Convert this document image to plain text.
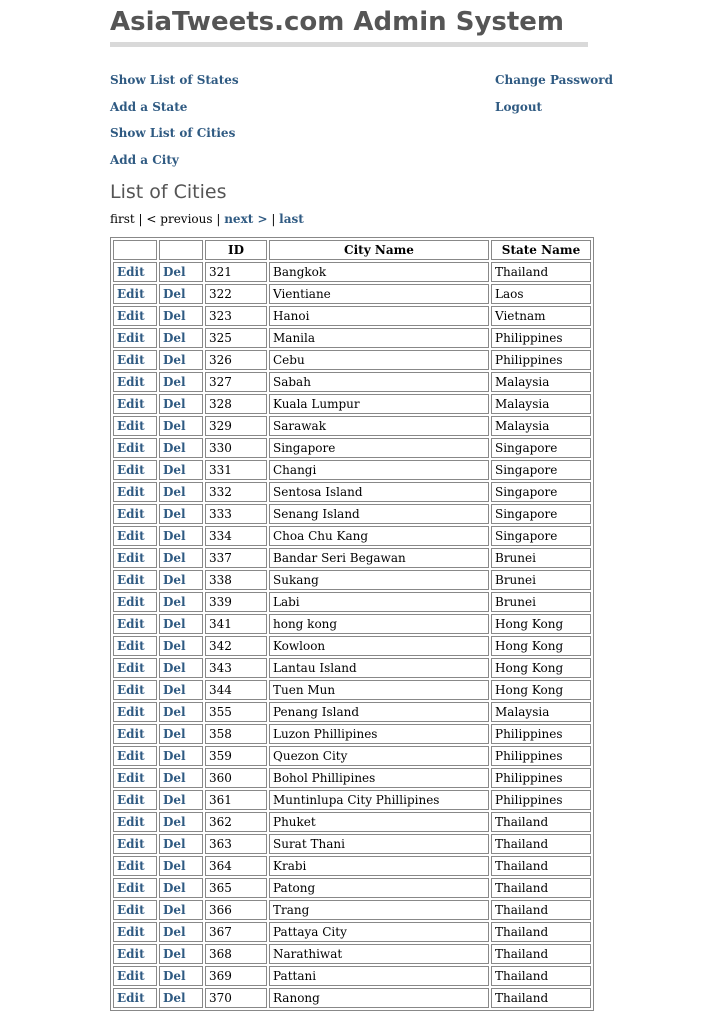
AsiaTweets.com Admin System
Show List of States
Add a State
Show List of Cities
Add a City
Change Password
Logout
List of Cities
first | < previous | next > | last
		ID	City Name	State Name
Edit	Del	321	Bangkok	Thailand
Edit	Del	322	Vientiane	Laos
Edit	Del	323	Hanoi	Vietnam
Edit	Del	325	Manila	Philippines
Edit	Del	326	Cebu	Philippines
Edit	Del	327	Sabah	Malaysia
Edit	Del	328	Kuala Lumpur	Malaysia
Edit	Del	329	Sarawak	Malaysia
Edit	Del	330	Singapore	Singapore
Edit	Del	331	Changi	Singapore
Edit	Del	332	Sentosa Island	Singapore
Edit	Del	333	Senang Island	Singapore
Edit	Del	334	Choa Chu Kang	Singapore
Edit	Del	337	Bandar Seri Begawan	Brunei
Edit	Del	338	Sukang	Brunei
Edit	Del	339	Labi	Brunei
Edit	Del	341	hong kong	Hong Kong
Edit	Del	342	Kowloon	Hong Kong
Edit	Del	343	Lantau Island	Hong Kong
Edit	Del	344	Tuen Mun	Hong Kong
Edit	Del	355	Penang Island	Malaysia
Edit	Del	358	Luzon Phillipines	Philippines
Edit	Del	359	Quezon City	Philippines
Edit	Del	360	Bohol Phillipines	Philippines
Edit	Del	361	Muntinlupa City Phillipines	Philippines
Edit	Del	362	Phuket	Thailand
Edit	Del	363	Surat Thani	Thailand
Edit	Del	364	Krabi	Thailand
Edit	Del	365	Patong	Thailand
Edit	Del	366	Trang	Thailand
Edit	Del	367	Pattaya City	Thailand
Edit	Del	368	Narathiwat	Thailand
Edit	Del	369	Pattani	Thailand
Edit	Del	370	Ranong	Thailand
